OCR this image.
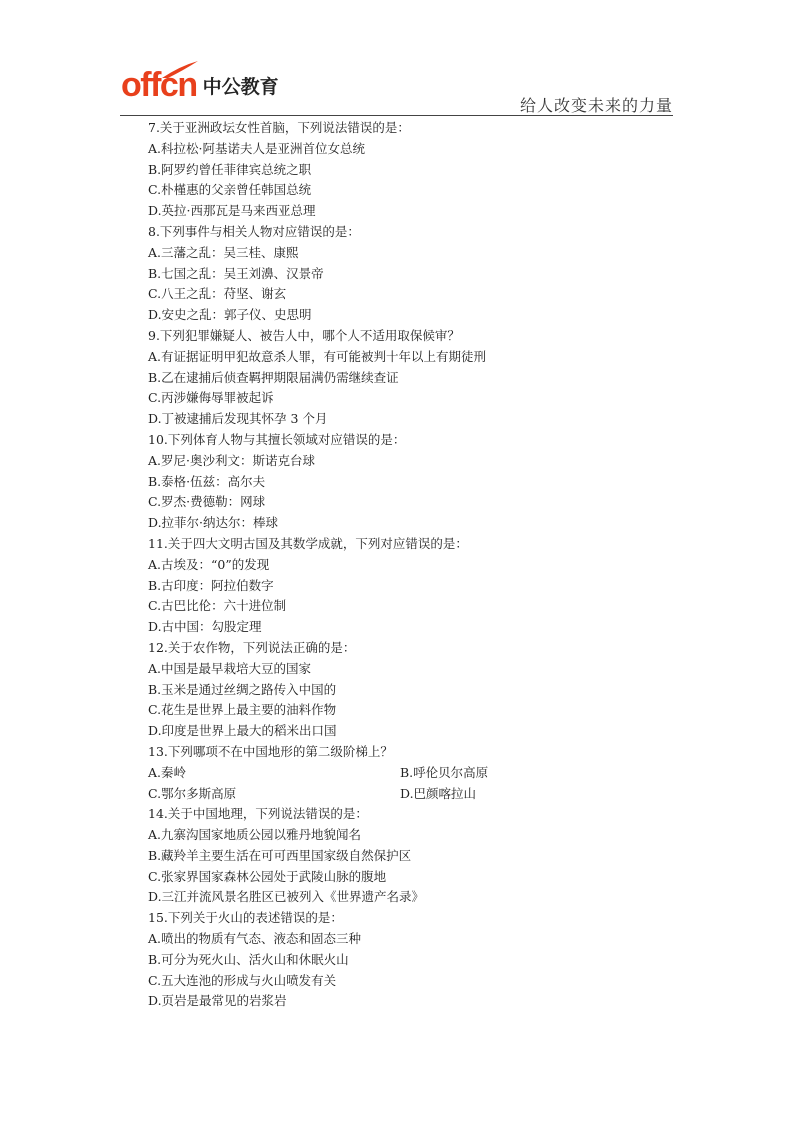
offcn 中公教育
给人改变未来的力量
7.关于亚洲政坛女性首脑，下列说法错误的是：
A.科拉松·阿基诺夫人是亚洲首位女总统
B.阿罗约曾任菲律宾总统之职
C.朴槿惠的父亲曾任韩国总统
D.英拉·西那瓦是马来西亚总理
8.下列事件与相关人物对应错误的是：
A.三藩之乱：吴三桂、康熙
B.七国之乱：吴王刘濞、汉景帝
C.八王之乱：苻坚、谢玄
D.安史之乱：郭子仪、史思明
9.下列犯罪嫌疑人、被告人中，哪个人不适用取保候审？
A.有证据证明甲犯故意杀人罪，有可能被判十年以上有期徒刑
B.乙在逮捕后侦查羁押期限届满仍需继续查证
C.丙涉嫌侮辱罪被起诉
D.丁被逮捕后发现其怀孕 3 个月
10.下列体育人物与其擅长领域对应错误的是：
A.罗尼·奥沙利文：斯诺克台球
B.泰格·伍兹：高尔夫
C.罗杰·费德勒：网球
D.拉菲尔·纳达尔：棒球
11.关于四大文明古国及其数学成就，下列对应错误的是：
A.古埃及：“0”的发现
B.古印度：阿拉伯数字
C.古巴比伦：六十进位制
D.古中国：勾股定理
12.关于农作物，下列说法正确的是：
A.中国是最早栽培大豆的国家
B.玉米是通过丝绸之路传入中国的
C.花生是世界上最主要的油料作物
D.印度是世界上最大的稻米出口国
13.下列哪项不在中国地形的第二级阶梯上？
A.秦岭	B.呼伦贝尔高原
C.鄂尔多斯高原	D.巴颜喀拉山
14.关于中国地理，下列说法错误的是：
A.九寨沟国家地质公园以雅丹地貌闻名
B.藏羚羊主要生活在可可西里国家级自然保护区
C.张家界国家森林公园处于武陵山脉的腹地
D.三江并流风景名胜区已被列入《世界遗产名录》
15.下列关于火山的表述错误的是：
A.喷出的物质有气态、液态和固态三种
B.可分为死火山、活火山和休眠火山
C.五大连池的形成与火山喷发有关
D.页岩是最常见的岩浆岩
